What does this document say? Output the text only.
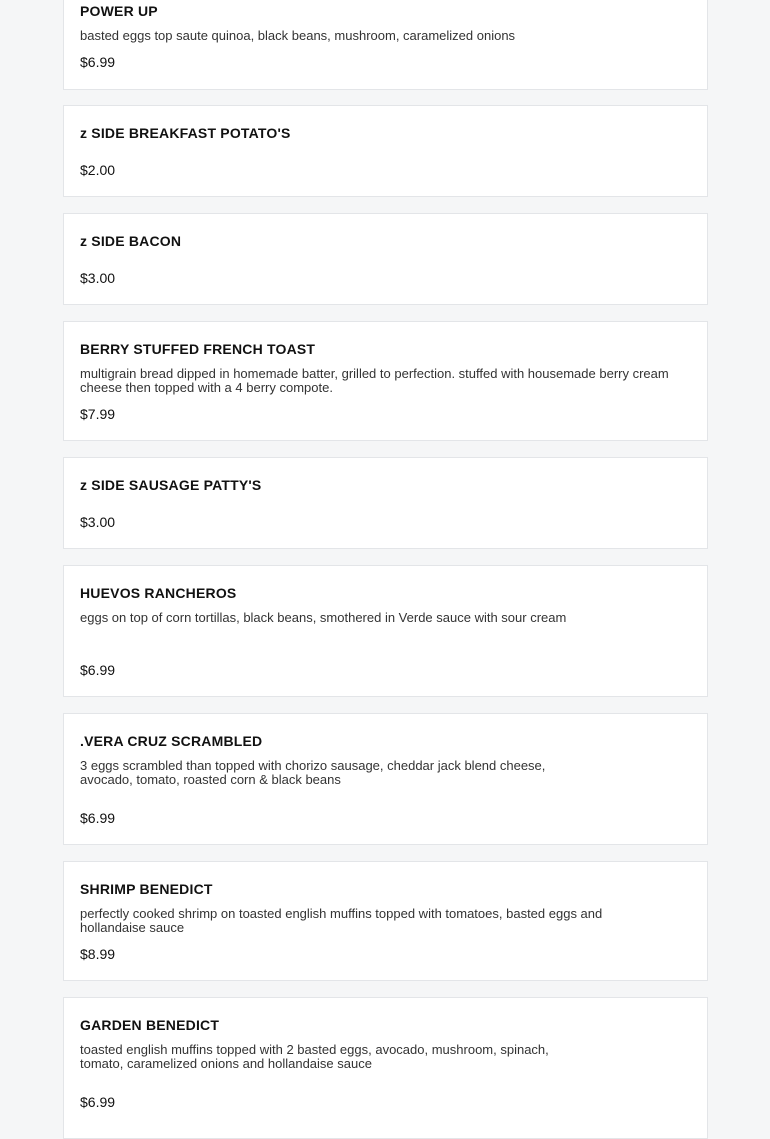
POWER UP
basted eggs top saute quinoa, black beans, mushroom, caramelized onions
$6.99
z SIDE BREAKFAST POTATO'S
$2.00
z SIDE BACON
$3.00
BERRY STUFFED FRENCH TOAST
multigrain bread dipped in homemade batter, grilled to perfection. stuffed with housemade berry cream cheese then topped with a 4 berry compote.
$7.99
z SIDE SAUSAGE PATTY'S
$3.00
HUEVOS RANCHEROS
eggs on top of corn tortillas, black beans, smothered in Verde sauce with sour cream
$6.99
.VERA CRUZ SCRAMBLED
3 eggs scrambled than topped with chorizo sausage, cheddar jack blend cheese, avocado, tomato, roasted corn & black beans
$6.99
SHRIMP BENEDICT
perfectly cooked shrimp on toasted english muffins topped with tomatoes, basted eggs and hollandaise sauce
$8.99
GARDEN BENEDICT
toasted english muffins topped with 2 basted eggs, avocado, mushroom, spinach, tomato, caramelized onions and hollandaise sauce
$6.99
